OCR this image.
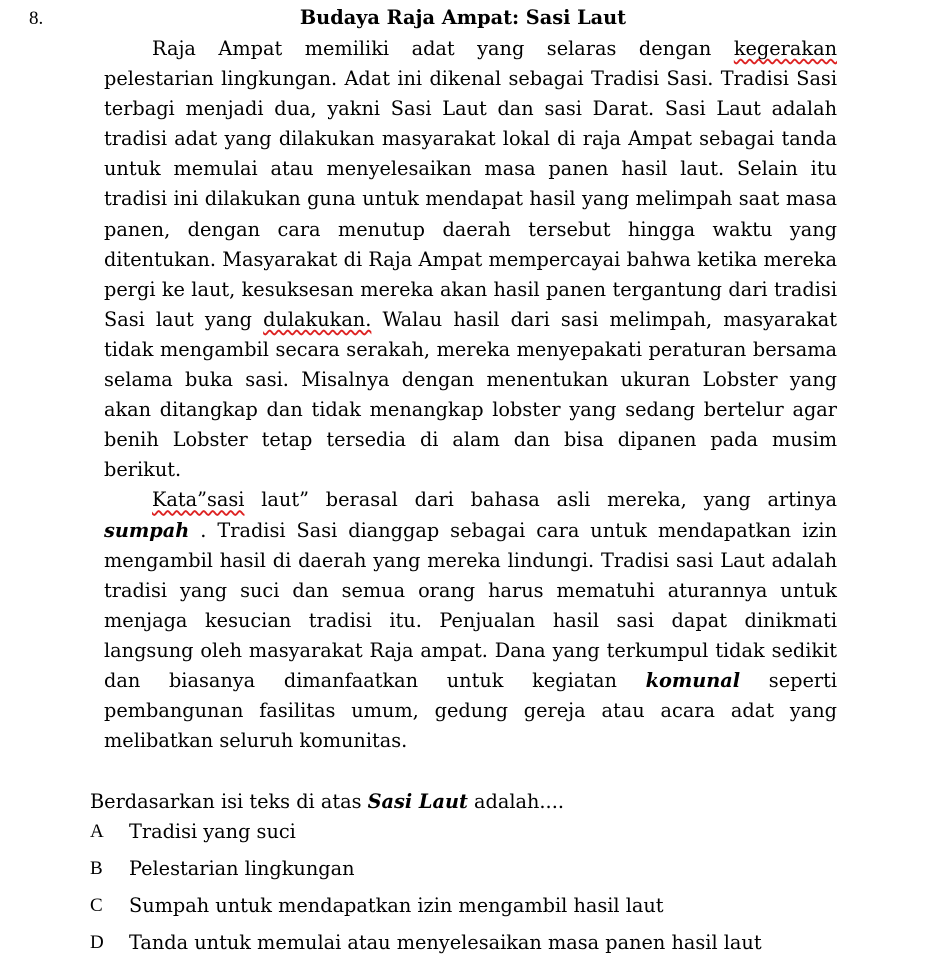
8.	Budaya Raja Ampat: Sasi Laut

Raja Ampat memiliki adat yang selaras dengan kegerakan pelestarian lingkungan. Adat ini dikenal sebagai Tradisi Sasi. Tradisi Sasi terbagi menjadi dua, yakni Sasi Laut dan sasi Darat. Sasi Laut adalah tradisi adat yang dilakukan masyarakat lokal di raja Ampat sebagai tanda untuk memulai atau menyelesaikan masa panen hasil laut. Selain itu tradisi ini dilakukan guna untuk mendapat hasil yang melimpah saat masa panen, dengan cara menutup daerah tersebut hingga waktu yang ditentukan. Masyarakat di Raja Ampat mempercayai bahwa ketika mereka pergi ke laut, kesuksesan mereka akan hasil panen tergantung dari tradisi Sasi laut yang dulakukan. Walau hasil dari sasi melimpah, masyarakat tidak mengambil secara serakah, mereka menyepakati peraturan bersama selama buka sasi. Misalnya dengan menentukan ukuran Lobster yang akan ditangkap dan tidak menangkap lobster yang sedang bertelur agar benih Lobster tetap tersedia di alam dan bisa dipanen pada musim berikut.

Kata”sasi laut” berasal dari bahasa asli mereka, yang artinya sumpah . Tradisi Sasi dianggap sebagai cara untuk mendapatkan izin mengambil hasil di daerah yang mereka lindungi. Tradisi sasi Laut adalah tradisi yang suci dan semua orang harus mematuhi aturannya untuk menjaga kesucian tradisi itu. Penjualan hasil sasi dapat dinikmati langsung oleh masyarakat Raja ampat. Dana yang terkumpul tidak sedikit dan biasanya dimanfaatkan untuk kegiatan komunal seperti pembangunan fasilitas umum, gedung gereja atau acara adat yang melibatkan seluruh komunitas.

Berdasarkan isi teks di atas Sasi Laut adalah....
A	Tradisi yang suci
B	Pelestarian lingkungan
C	Sumpah untuk mendapatkan izin mengambil hasil laut
D	Tanda untuk memulai atau menyelesaikan masa panen hasil laut
